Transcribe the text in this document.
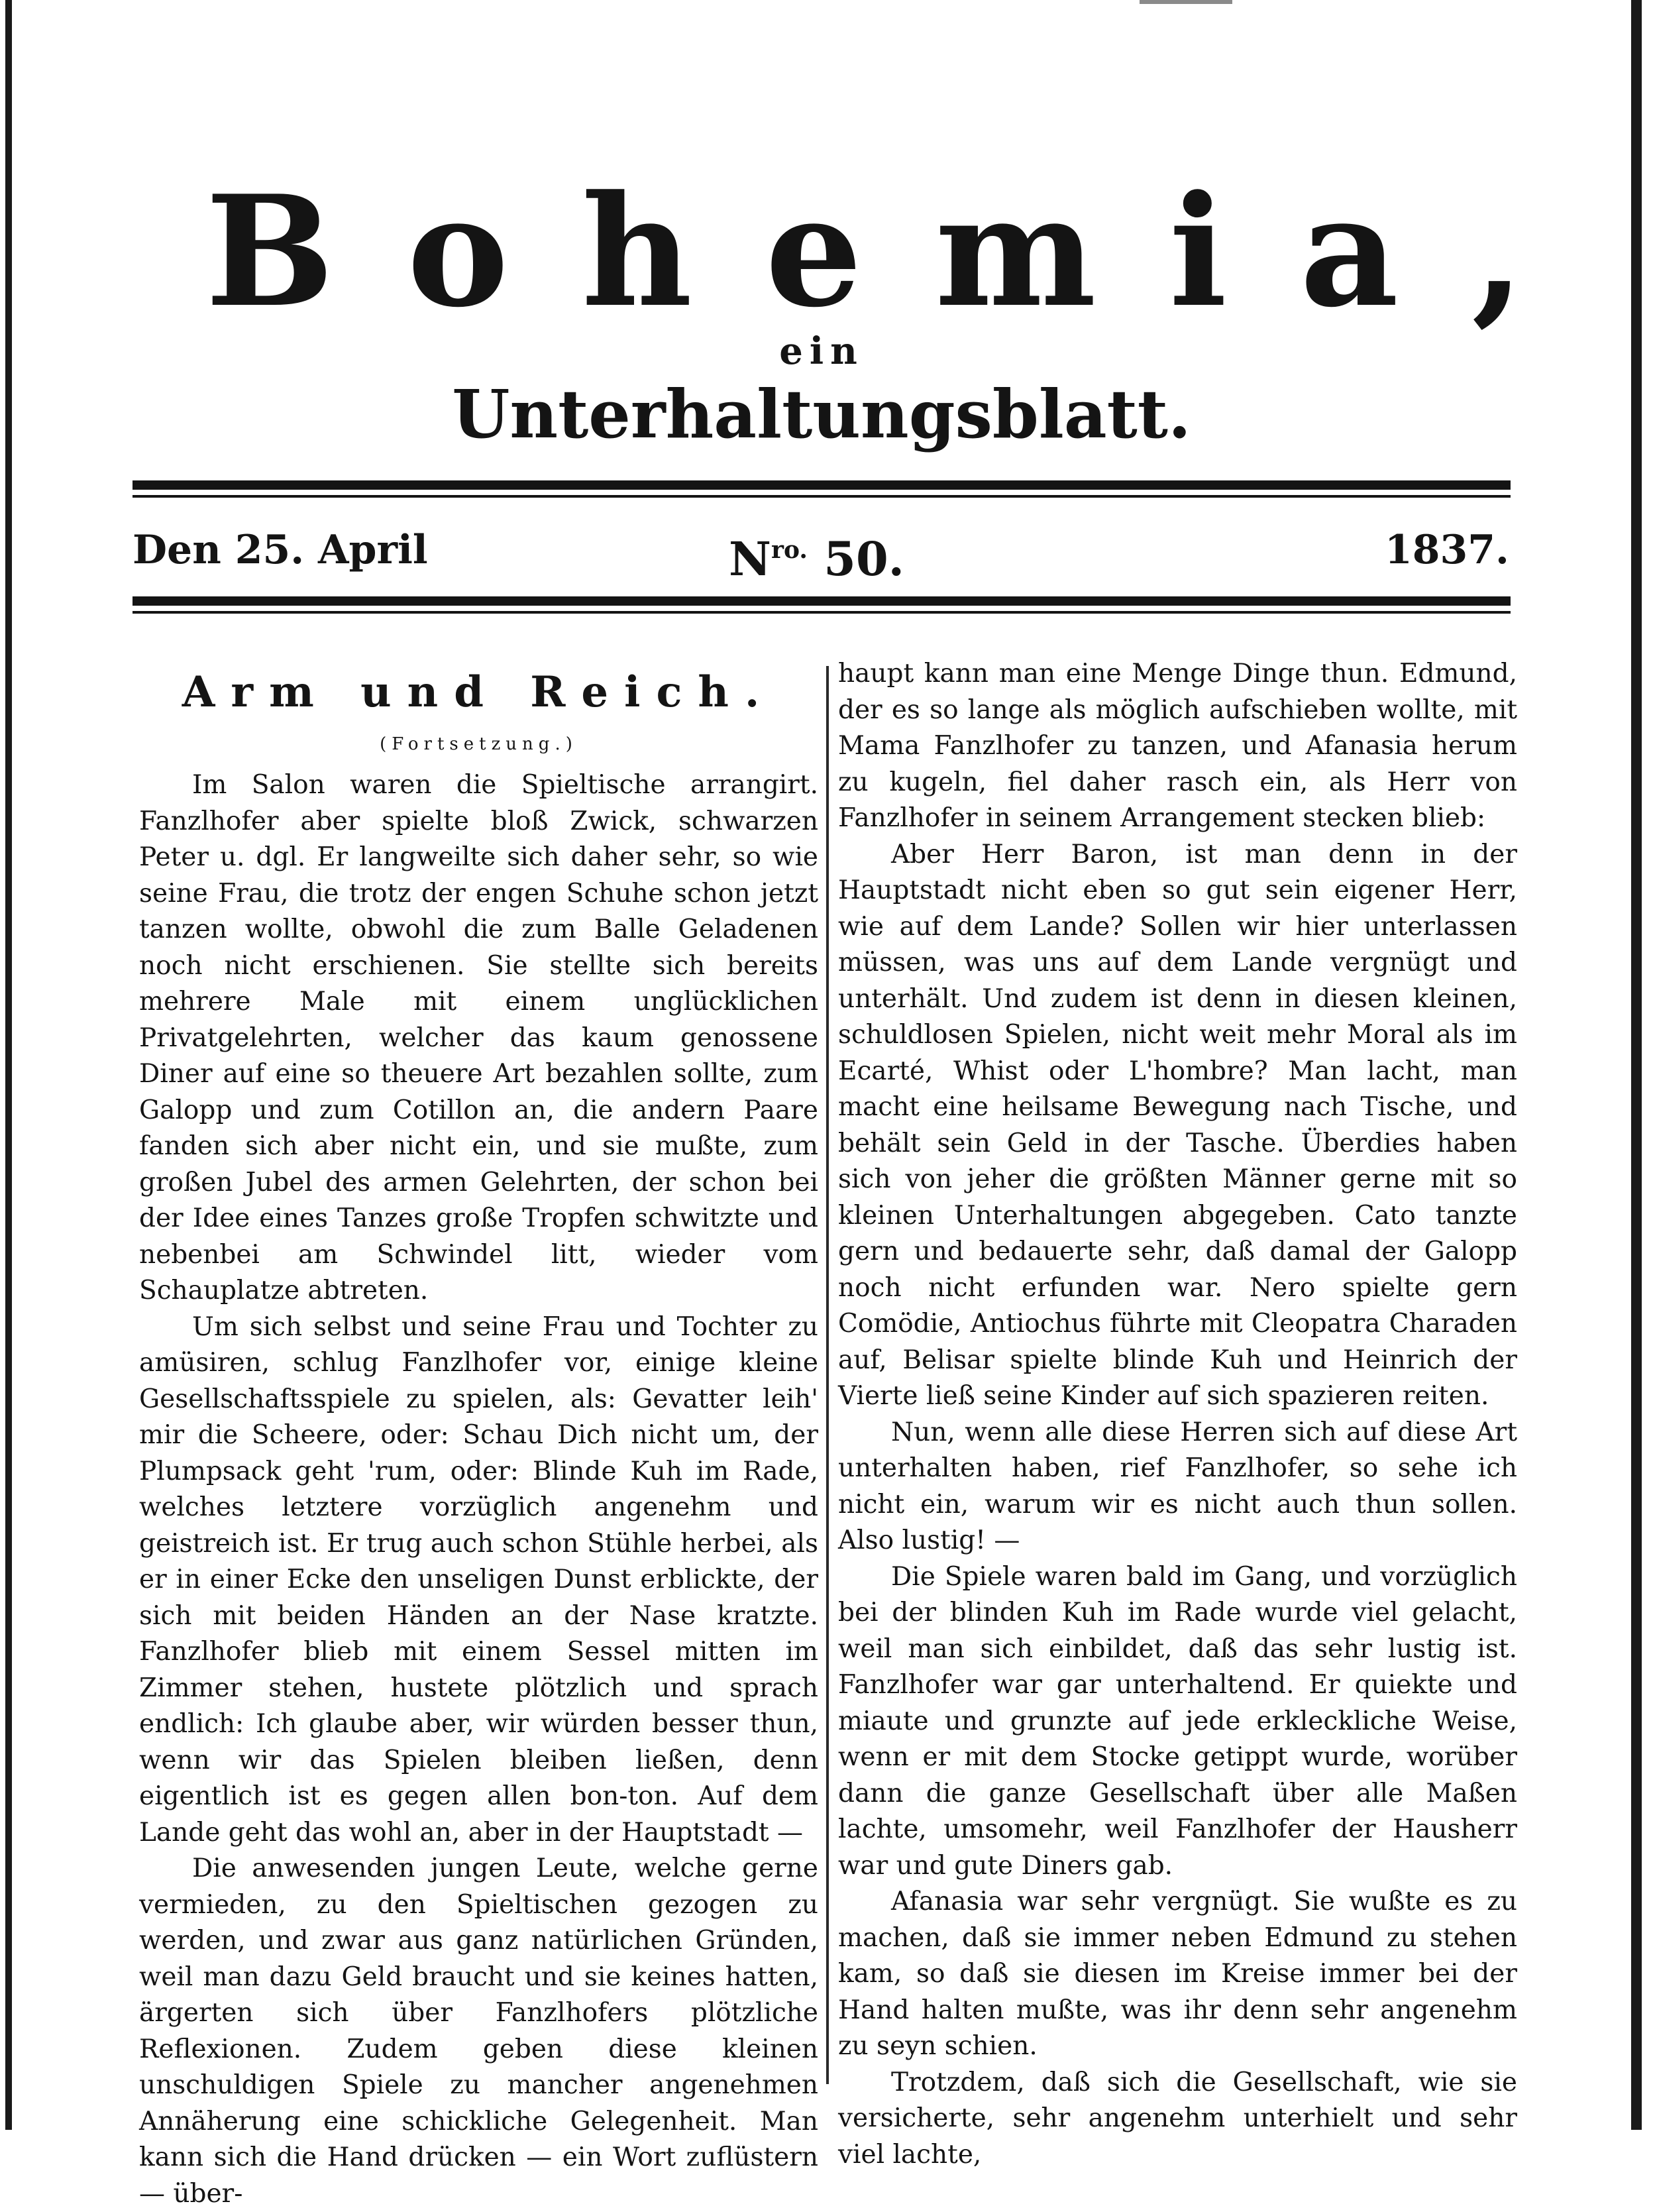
Bohemia,
ein
Unterhaltungsblatt.
Den 25. April	$N^{ro.}$ 50.	1837.
Arm und Reich.
(Fortsetzung.)

Im Salon waren die Spieltische arrangirt. Fanzlhofer aber spielte bloß Zwick, schwarzen Peter u. dgl. Er langweilte sich daher sehr, so wie seine Frau, die trotz der engen Schuhe schon jetzt tanzen wollte, obwohl die zum Balle Geladenen noch nicht erschienen. Sie stellte sich bereits mehrere Male mit einem unglücklichen Privatgelehrten, welcher das kaum genossene Diner auf eine so theuere Art bezahlen sollte, zum Galopp und zum Cotillon an, die andern Paare fanden sich aber nicht ein, und sie mußte, zum großen Jubel des armen Gelehrten, der schon bei der Idee eines Tanzes große Tropfen schwitzte und nebenbei am Schwindel litt, wieder vom Schauplatze abtreten.

Um sich selbst und seine Frau und Tochter zu amüsiren, schlug Fanzlhofer vor, einige kleine Gesellschaftsspiele zu spielen, als: Gevatter leih' mir die Scheere, oder: Schau Dich nicht um, der Plumpsack geht 'rum, oder: Blinde Kuh im Rade, welches letztere vorzüglich angenehm und geistreich ist. Er trug auch schon Stühle herbei, als er in einer Ecke den unseligen Dunst erblickte, der sich mit beiden Händen an der Nase kratzte. Fanzlhofer blieb mit einem Sessel mitten im Zimmer stehen, hustete plötzlich und sprach endlich: Ich glaube aber, wir würden besser thun, wenn wir das Spielen bleiben ließen, denn eigentlich ist es gegen allen bon-ton. Auf dem Lande geht das wohl an, aber in der Hauptstadt —

Die anwesenden jungen Leute, welche gerne vermieden, zu den Spieltischen gezogen zu werden, und zwar aus ganz natürlichen Gründen, weil man dazu Geld braucht und sie keines hatten, ärgerten sich über Fanzlhofers plötzliche Reflexionen. Zudem geben diese kleinen unschuldigen Spiele zu mancher angenehmen Annäherung eine schickliche Gelegenheit. Man kann sich die Hand drücken — ein Wort zuflüstern — über-

haupt kann man eine Menge Dinge thun. Edmund, der es so lange als möglich aufschieben wollte, mit Mama Fanzlhofer zu tanzen, und Afanasia herum zu kugeln, fiel daher rasch ein, als Herr von Fanzlhofer in seinem Arrangement stecken blieb:

Aber Herr Baron, ist man denn in der Hauptstadt nicht eben so gut sein eigener Herr, wie auf dem Lande? Sollen wir hier unterlassen müssen, was uns auf dem Lande vergnügt und unterhält. Und zudem ist denn in diesen kleinen, schuldlosen Spielen, nicht weit mehr Moral als im Ecarté, Whist oder L'hombre? Man lacht, man macht eine heilsame Bewegung nach Tische, und behält sein Geld in der Tasche. Überdies haben sich von jeher die größten Männer gerne mit so kleinen Unterhaltungen abgegeben. Cato tanzte gern und bedauerte sehr, daß damal der Galopp noch nicht erfunden war. Nero spielte gern Comödie, Antiochus führte mit Cleopatra Charaden auf, Belisar spielte blinde Kuh und Heinrich der Vierte ließ seine Kinder auf sich spazieren reiten.

Nun, wenn alle diese Herren sich auf diese Art unterhalten haben, rief Fanzlhofer, so sehe ich nicht ein, warum wir es nicht auch thun sollen. Also lustig! —

Die Spiele waren bald im Gang, und vorzüglich bei der blinden Kuh im Rade wurde viel gelacht, weil man sich einbildet, daß das sehr lustig ist. Fanzlhofer war gar unterhaltend. Er quiekte und miaute und grunzte auf jede erkleckliche Weise, wenn er mit dem Stocke getippt wurde, worüber dann die ganze Gesellschaft über alle Maßen lachte, umsomehr, weil Fanzlhofer der Hausherr war und gute Diners gab.

Afanasia war sehr vergnügt. Sie wußte es zu machen, daß sie immer neben Edmund zu stehen kam, so daß sie diesen im Kreise immer bei der Hand halten mußte, was ihr denn sehr angenehm zu seyn schien.

Trotzdem, daß sich die Gesellschaft, wie sie versicherte, sehr angenehm unterhielt und sehr viel lachte,
